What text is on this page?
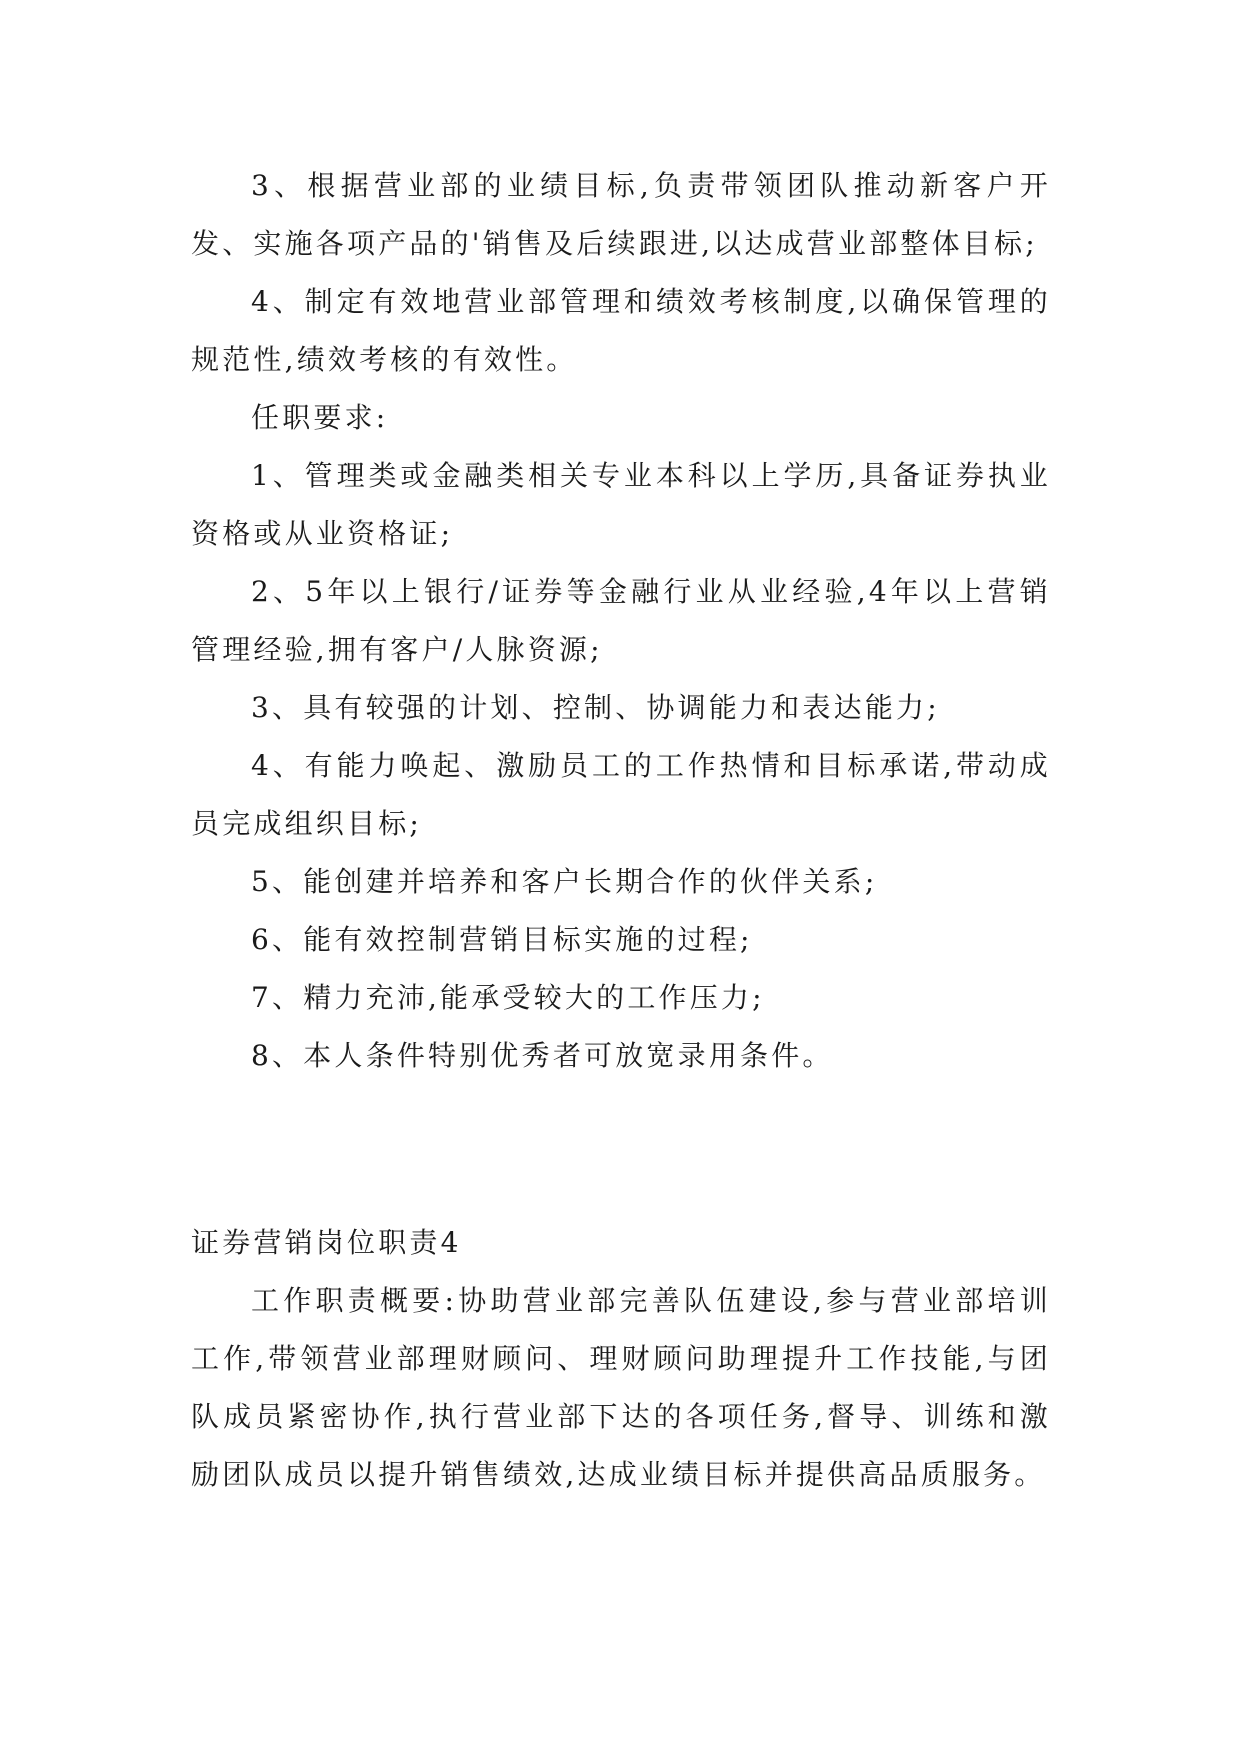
3、根据营业部的业绩目标,负责带领团队推动新客户开发、实施各项产品的'销售及后续跟进,以达成营业部整体目标;

4、制定有效地营业部管理和绩效考核制度,以确保管理的规范性,绩效考核的有效性。

任职要求:

1、管理类或金融类相关专业本科以上学历,具备证券执业资格或从业资格证;

2、5年以上银行/证券等金融行业从业经验,4年以上营销管理经验,拥有客户/人脉资源;

3、具有较强的计划、控制、协调能力和表达能力;

4、有能力唤起、激励员工的工作热情和目标承诺,带动成员完成组织目标;

5、能创建并培养和客户长期合作的伙伴关系;

6、能有效控制营销目标实施的过程;

7、精力充沛,能承受较大的工作压力;

8、本人条件特别优秀者可放宽录用条件。

证券营销岗位职责4

工作职责概要:协助营业部完善队伍建设,参与营业部培训工作,带领营业部理财顾问、理财顾问助理提升工作技能,与团队成员紧密协作,执行营业部下达的各项任务,督导、训练和激励团队成员以提升销售绩效,达成业绩目标并提供高品质服务。
